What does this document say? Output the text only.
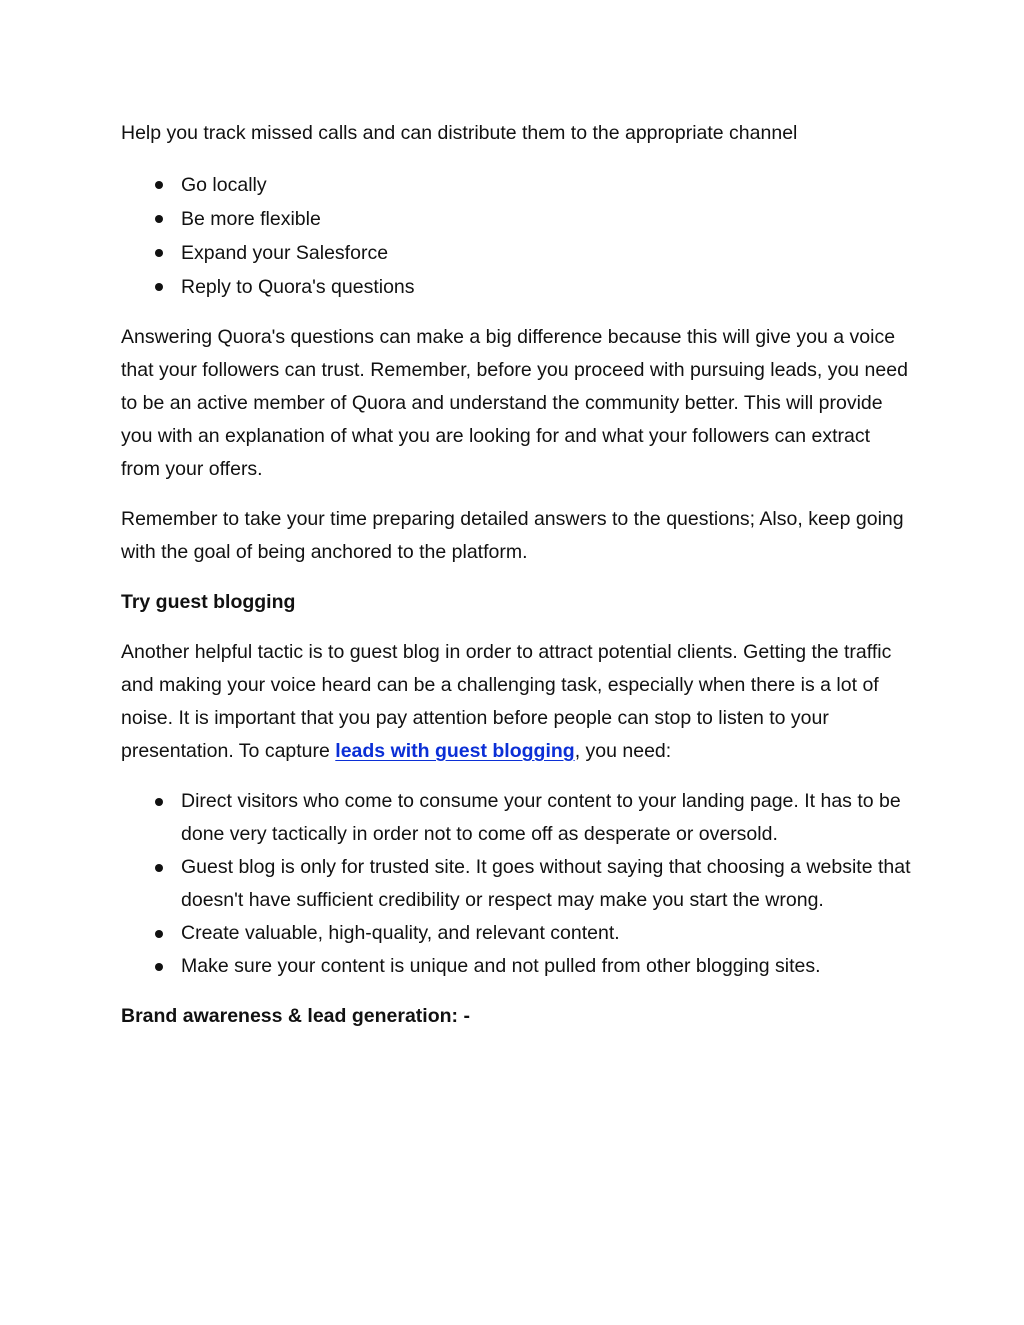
Help you track missed calls and can distribute them to the appropriate channel

Go locally
Be more flexible
Expand your Salesforce
Reply to Quora's questions

Answering Quora's questions can make a big difference because this will give you a voice that your followers can trust. Remember, before you proceed with pursuing leads, you need to be an active member of Quora and understand the community better. This will provide you with an explanation of what you are looking for and what your followers can extract from your offers.

Remember to take your time preparing detailed answers to the questions; Also, keep going with the goal of being anchored to the platform.

Try guest blogging

Another helpful tactic is to guest blog in order to attract potential clients. Getting the traffic and making your voice heard can be a challenging task, especially when there is a lot of noise. It is important that you pay attention before people can stop to listen to your presentation. To capture leads with guest blogging, you need:

Direct visitors who come to consume your content to your landing page. It has to be done very tactically in order not to come off as desperate or oversold.
Guest blog is only for trusted site. It goes without saying that choosing a website that doesn't have sufficient credibility or respect may make you start the wrong.
Create valuable, high-quality, and relevant content.
Make sure your content is unique and not pulled from other blogging sites.
Brand awareness & lead generation: -
